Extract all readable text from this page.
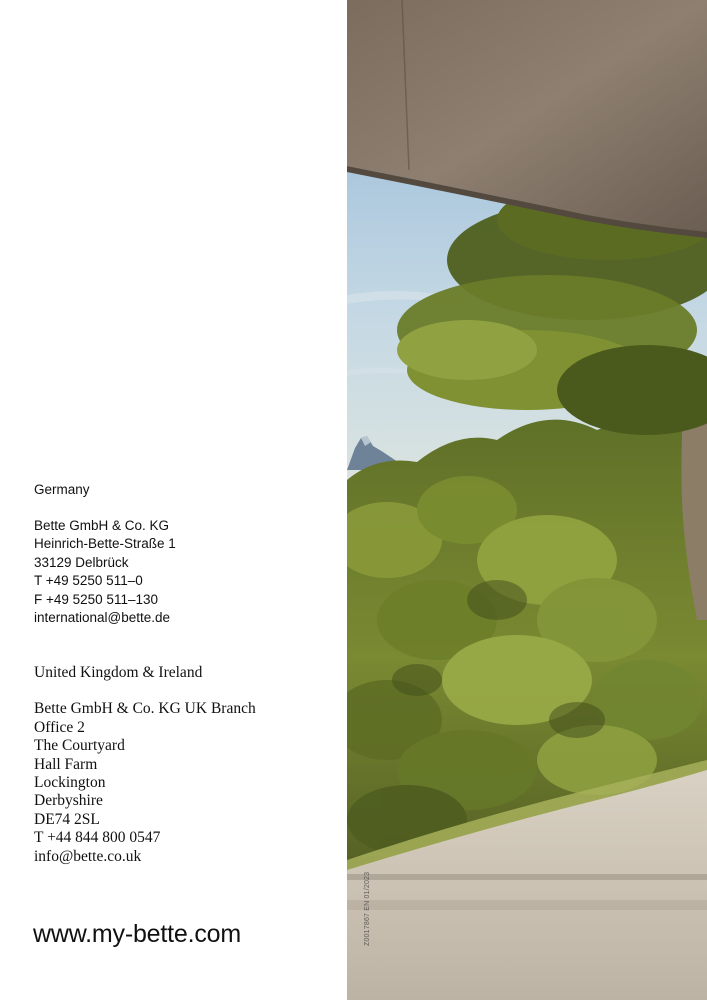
Germany
Bette GmbH & Co. KG
Heinrich-Bette-Straße 1
33129 Delbrück
T +49 5250 511–0
F +49 5250 511–130
international@bette.de
United Kingdom & Ireland
Bette GmbH & Co. KG UK Branch
Office 2
The Courtyard
Hall Farm
Lockington
Derbyshire
DE74 2SL
T +44 844 800 0547
info@bette.co.uk
www.my-bette.com	Z0017867 EN 01/2023
